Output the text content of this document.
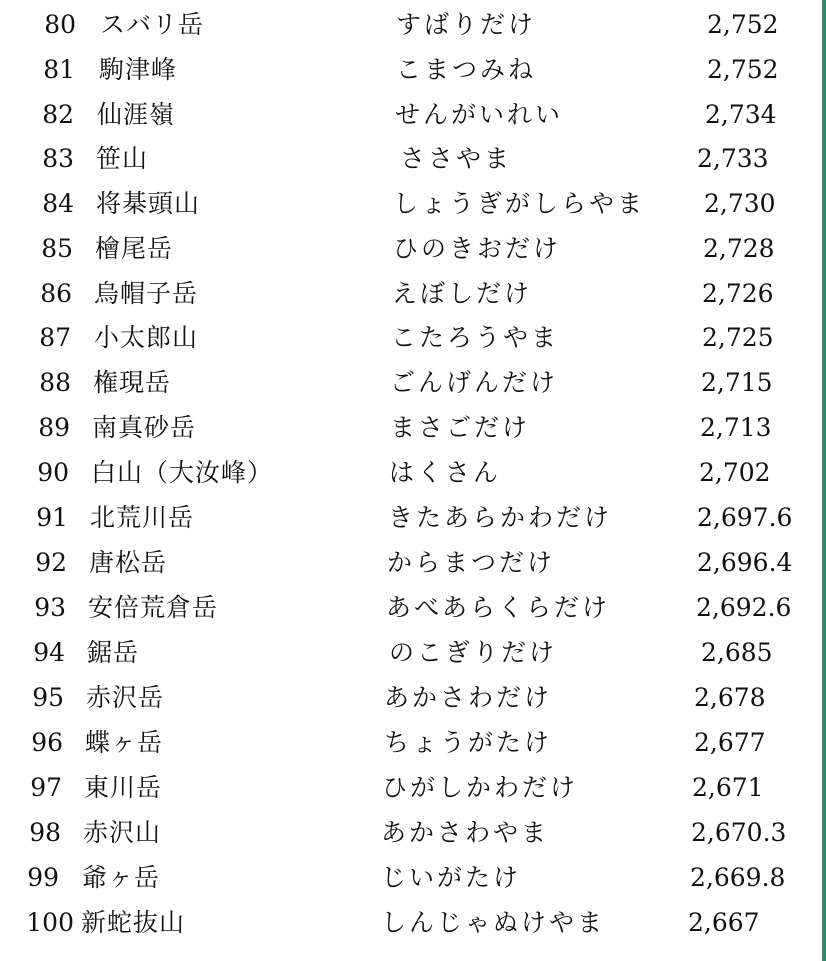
80 スバリ岳	すばりだけ	2,752
81 駒津峰	こまつみね	2,752
82 仙涯嶺	せんがいれい	2,734
83 笹山	ささやま	2,733
84 将棊頭山	しょうぎがしらやま 2,730
85 檜尾岳	ひのきおだけ	2,728
86 烏帽子岳	えぼしだけ	2,726
87 小太郎山	こたろうやま	2,725
88 権現岳	ごんげんだけ	2,715
89 南真砂岳	まさごだけ	2,713
90 白山（大汝峰）	はくさん	2,702
91 北荒川岳	きたあらかわだけ	2,697.6
92 唐松岳	からまつだけ	2,696.4
93 安倍荒倉岳	あべあらくらだけ	2,692.6
94 鋸岳	のこぎりだけ	2,685
95 赤沢岳	あかさわだけ	2,678
96 蝶ヶ岳	ちょうがたけ	2,677
97 東川岳	ひがしかわだけ	2,671
98 赤沢山	あかさわやま	2,670.3
99 爺ヶ岳	じいがたけ	2,669.8
100 新蛇抜山	しんじゃぬけやま	2,667
